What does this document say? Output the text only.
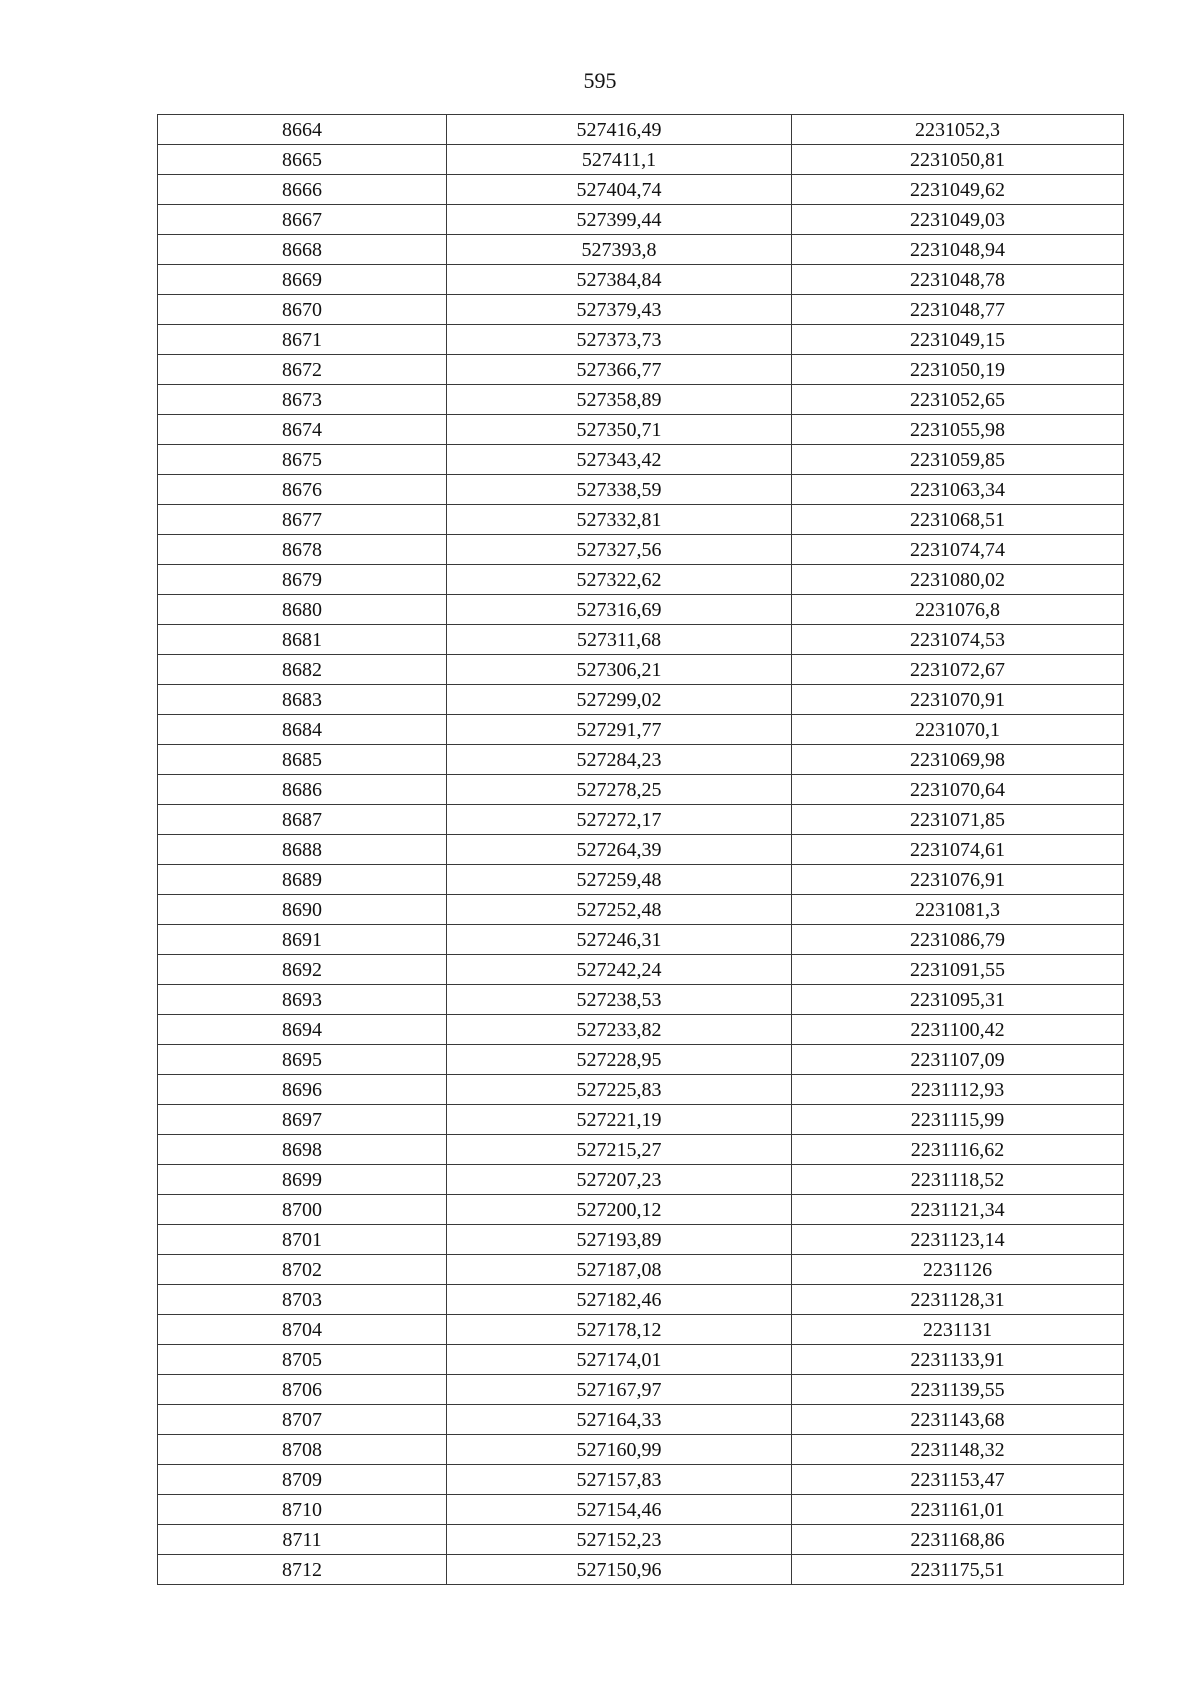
595
8664	527416,49	2231052,3
8665	527411,1	2231050,81
8666	527404,74	2231049,62
8667	527399,44	2231049,03
8668	527393,8	2231048,94
8669	527384,84	2231048,78
8670	527379,43	2231048,77
8671	527373,73	2231049,15
8672	527366,77	2231050,19
8673	527358,89	2231052,65
8674	527350,71	2231055,98
8675	527343,42	2231059,85
8676	527338,59	2231063,34
8677	527332,81	2231068,51
8678	527327,56	2231074,74
8679	527322,62	2231080,02
8680	527316,69	2231076,8
8681	527311,68	2231074,53
8682	527306,21	2231072,67
8683	527299,02	2231070,91
8684	527291,77	2231070,1
8685	527284,23	2231069,98
8686	527278,25	2231070,64
8687	527272,17	2231071,85
8688	527264,39	2231074,61
8689	527259,48	2231076,91
8690	527252,48	2231081,3
8691	527246,31	2231086,79
8692	527242,24	2231091,55
8693	527238,53	2231095,31
8694	527233,82	2231100,42
8695	527228,95	2231107,09
8696	527225,83	2231112,93
8697	527221,19	2231115,99
8698	527215,27	2231116,62
8699	527207,23	2231118,52
8700	527200,12	2231121,34
8701	527193,89	2231123,14
8702	527187,08	2231126
8703	527182,46	2231128,31
8704	527178,12	2231131
8705	527174,01	2231133,91
8706	527167,97	2231139,55
8707	527164,33	2231143,68
8708	527160,99	2231148,32
8709	527157,83	2231153,47
8710	527154,46	2231161,01
8711	527152,23	2231168,86
8712	527150,96	2231175,51
